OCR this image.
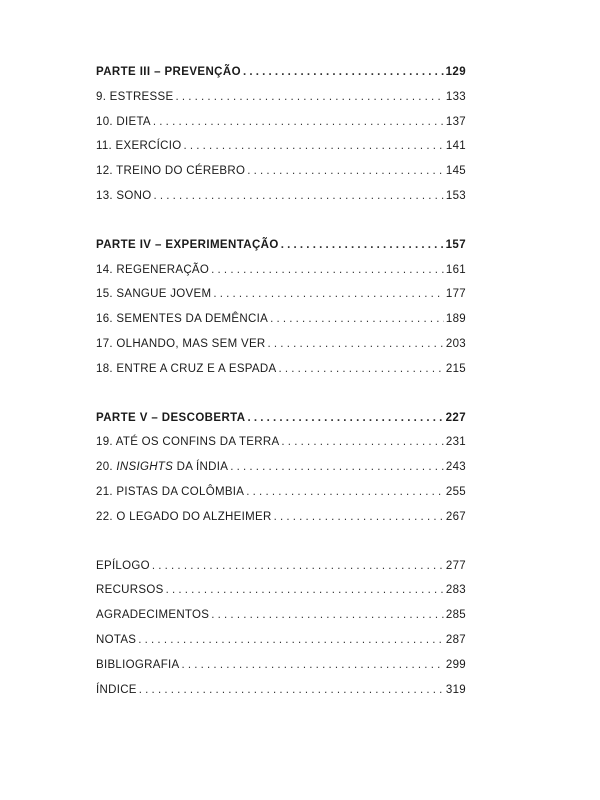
PARTE III – PREVENÇÃO . . .	129
9. ESTRESSE . . .	133
10. DIETA . . .	137
11. EXERCÍCIO . . .	141
12. TREINO DO CÉREBRO . . .	145
13. SONO . . .	153
PARTE IV – EXPERIMENTAÇÃO . . .	157
14. REGENERAÇÃO . . .	161
15. SANGUE JOVEM . . .	177
16. SEMENTES DA DEMÊNCIA . . .	189
17. OLHANDO, MAS SEM VER . . .	203
18. ENTRE A CRUZ E A ESPADA . . .	215
PARTE V – DESCOBERTA . . .	227
19. ATÉ OS CONFINS DA TERRA . . .	231
20. INSIGHTS DA ÍNDIA . . .	243
21. PISTAS DA COLÔMBIA . . .	255
22. O LEGADO DO ALZHEIMER . . .	267
EPÍLOGO . . .	277
RECURSOS . . .	283
AGRADECIMENTOS . . .	285
NOTAS . . .	287
BIBLIOGRAFIA . . .	299
ÍNDICE . . .	319
